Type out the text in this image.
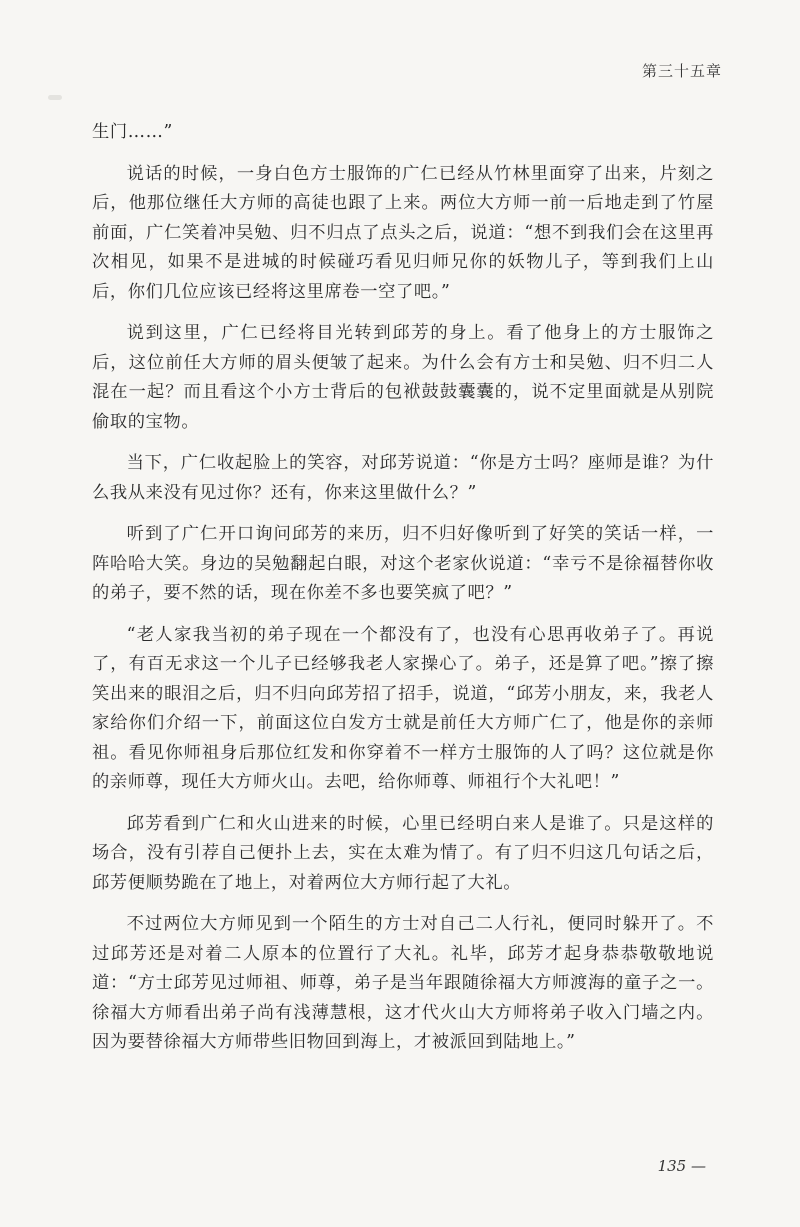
第三十五章

生门……”

说话的时候，一身白色方士服饰的广仁已经从竹林里面穿了出来，片刻之后，他那位继任大方师的高徒也跟了上来。两位大方师一前一后地走到了竹屋前面，广仁笑着冲吴勉、归不归点了点头之后，说道：“想不到我们会在这里再次相见，如果不是进城的时候碰巧看见归师兄你的妖物儿子，等到我们上山后，你们几位应该已经将这里席卷一空了吧。”

说到这里，广仁已经将目光转到邱芳的身上。看了他身上的方士服饰之后，这位前任大方师的眉头便皱了起来。为什么会有方士和吴勉、归不归二人混在一起？而且看这个小方士背后的包袱鼓鼓囊囊的，说不定里面就是从别院偷取的宝物。

当下，广仁收起脸上的笑容，对邱芳说道：“你是方士吗？座师是谁？为什么我从来没有见过你？还有，你来这里做什么？”

听到了广仁开口询问邱芳的来历，归不归好像听到了好笑的笑话一样，一阵哈哈大笑。身边的吴勉翻起白眼，对这个老家伙说道：“幸亏不是徐福替你收的弟子，要不然的话，现在你差不多也要笑疯了吧？”

“老人家我当初的弟子现在一个都没有了，也没有心思再收弟子了。再说了，有百无求这一个儿子已经够我老人家操心了。弟子，还是算了吧。”擦了擦笑出来的眼泪之后，归不归向邱芳招了招手，说道，“邱芳小朋友，来，我老人家给你们介绍一下，前面这位白发方士就是前任大方师广仁了，他是你的亲师祖。看见你师祖身后那位红发和你穿着不一样方士服饰的人了吗？这位就是你的亲师尊，现任大方师火山。去吧，给你师尊、师祖行个大礼吧！”

邱芳看到广仁和火山进来的时候，心里已经明白来人是谁了。只是这样的场合，没有引荐自己便扑上去，实在太难为情了。有了归不归这几句话之后，邱芳便顺势跪在了地上，对着两位大方师行起了大礼。

不过两位大方师见到一个陌生的方士对自己二人行礼，便同时躲开了。不过邱芳还是对着二人原本的位置行了大礼。礼毕，邱芳才起身恭恭敬敬地说道：“方士邱芳见过师祖、师尊，弟子是当年跟随徐福大方师渡海的童子之一。徐福大方师看出弟子尚有浅薄慧根，这才代火山大方师将弟子收入门墙之内。因为要替徐福大方师带些旧物回到海上，才被派回到陆地上。”

135 —
